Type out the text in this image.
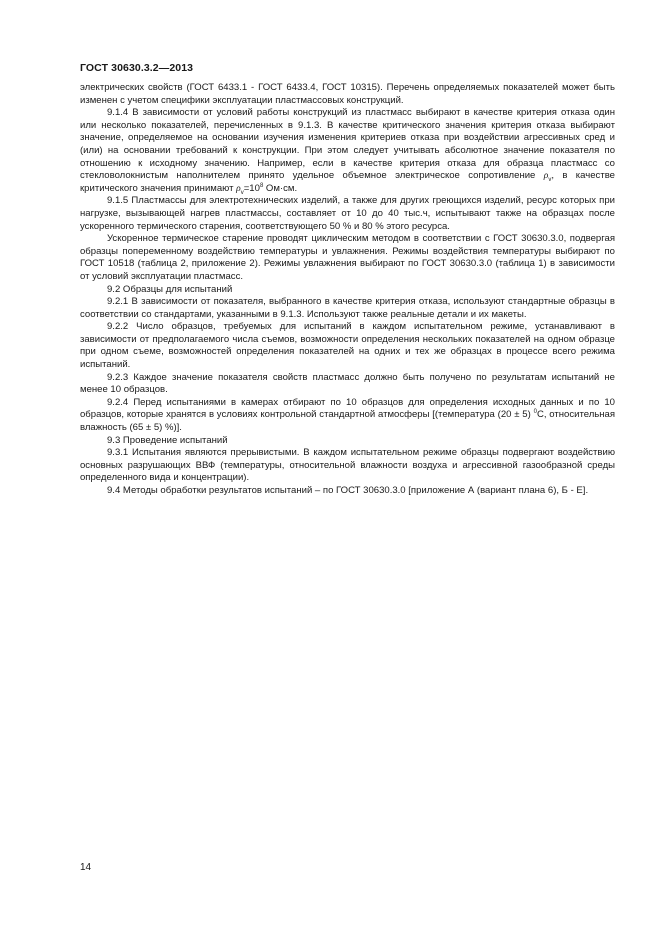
ГОСТ 30630.3.2—2013

электрических свойств (ГОСТ 6433.1 - ГОСТ 6433.4, ГОСТ 10315). Перечень определяемых показателей может быть изменен с учетом специфики эксплуатации пластмассовых конструкций.

9.1.4 В зависимости от условий работы конструкций из пластмасс выбирают в качестве критерия отказа один или несколько показателей, перечисленных в 9.1.3. В качестве критического значения критерия отказа выбирают значение, определяемое на основании изучения изменения критериев отказа при воздействии агрессивных сред и (или) на основании требований к конструкции. При этом следует учитывать абсолютное значение показателя по отношению к исходному значению. Например, если в качестве критерия отказа для образца пластмасс со стекловолокнистым наполнителем принято удельное объемное электрическое сопротивление $\rho_v$, в качестве критического значения принимают $\rho_v=10^8$ Ом·см.

9.1.5 Пластмассы для электротехнических изделий, а также для других греющихся изделий, ресурс которых при нагрузке, вызывающей нагрев пластмассы, составляет от 10 до 40 тыс.ч, испытывают также на образцах после ускоренного термического старения, соответствующего 50 % и 80 % этого ресурса.

Ускоренное термическое старение проводят циклическим методом в соответствии с ГОСТ 30630.3.0, подвергая образцы попеременному воздействию температуры и увлажнения. Режимы воздействия температуры выбирают по ГОСТ 10518 (таблица 2, приложение 2). Режимы увлажнения выбирают по ГОСТ 30630.3.0 (таблица 1) в зависимости от условий эксплуатации пластмасс.

9.2 Образцы для испытаний

9.2.1 В зависимости от показателя, выбранного в качестве критерия отказа, используют стандартные образцы в соответствии со стандартами, указанными в 9.1.3. Используют также реальные детали и их макеты.

9.2.2 Число образцов, требуемых для испытаний в каждом испытательном режиме, устанавливают в зависимости от предполагаемого числа съемов, возможности определения нескольких показателей на одном образце при одном съеме, возможностей определения показателей на одних и тех же образцах в процессе всего режима испытаний.

9.2.3 Каждое значение показателя свойств пластмасс должно быть получено по результатам испытаний не менее 10 образцов.

9.2.4 Перед испытаниями в камерах отбирают по 10 образцов для определения исходных данных и по 10 образцов, которые хранятся в условиях контрольной стандартной атмосферы [(температура (20 ± 5) $^0$С, относительная влажность (65 ± 5) %)].

9.3 Проведение испытаний

9.3.1 Испытания являются прерывистыми. В каждом испытательном режиме образцы подвергают воздействию основных разрушающих ВВФ (температуры, относительной влажности воздуха и агрессивной газообразной среды определенного вида и концентрации).

9.4 Методы обработки результатов испытаний – по ГОСТ 30630.3.0 [приложение А (вариант плана 6), Б - Е].

14
